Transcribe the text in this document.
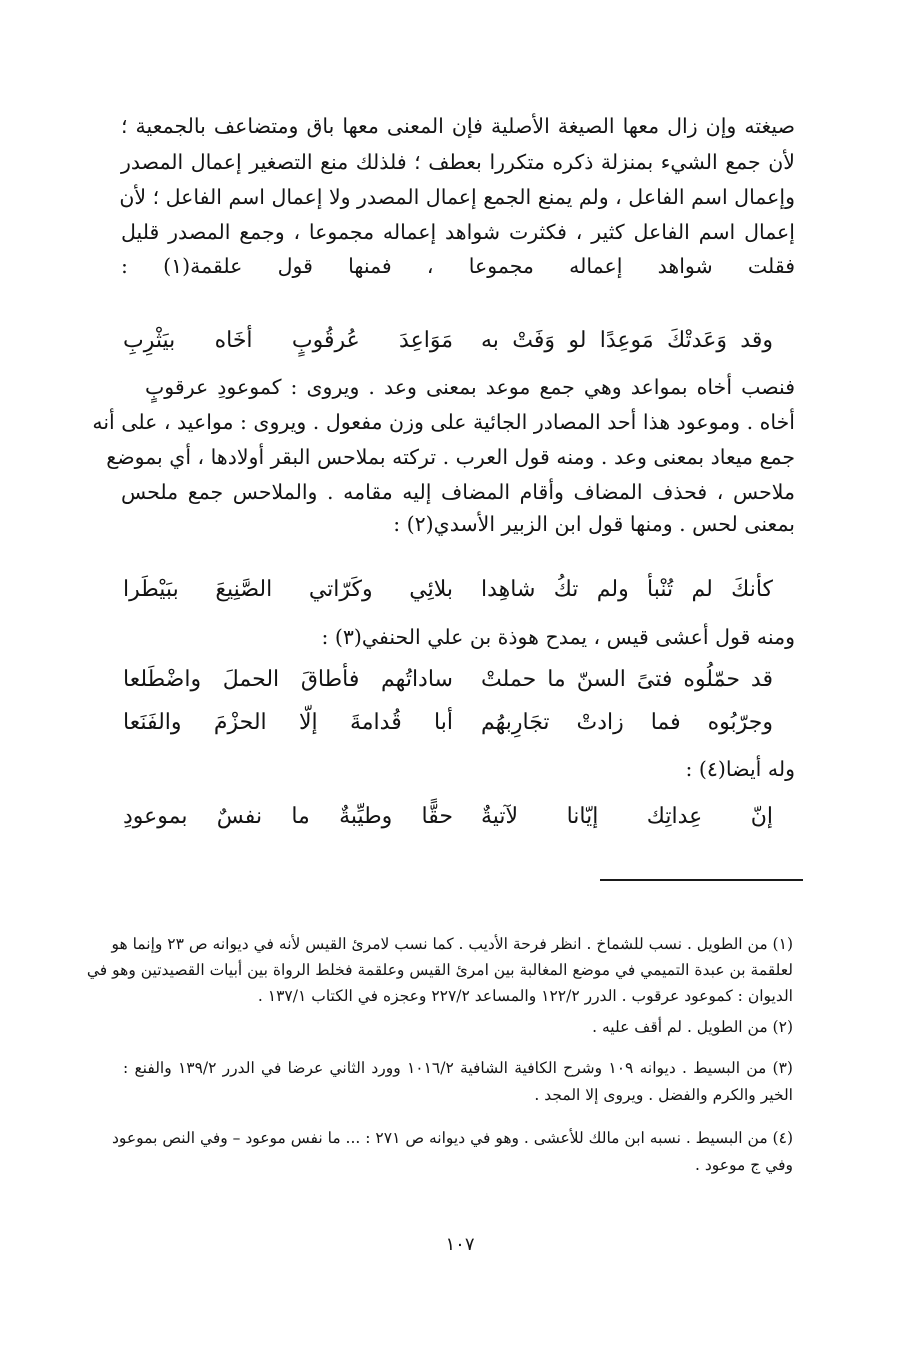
صيغته وإن زال معها الصيغة الأصلية فإن المعنى معها باق ومتضاعف بالجمعية ؛
لأن جمع الشيء بمنزلة ذكره متكررا بعطف ؛ فلذلك منع التصغير إعمال المصدر
وإعمال اسم الفاعل ، ولم يمنع الجمع إعمال المصدر ولا إعمال اسم الفاعل ؛ لأن
إعمال اسم الفاعل كثير ، فكثرت شواهد إعماله مجموعا ، وجمع المصدر قليل
فقلت شواهد إعماله مجموعا ، فمنها قول علقمة(١) :
وقد وَعَدتْكَ مَوعِدًا لو وَفَتْ به
مَوَاعِدَ عُرقُوبٍ أخَاه بيَثْرِبِ
فنصب أخاه بمواعد وهي جمع موعد بمعنى وعد . ويروى : كموعودِ عرقوبٍ
أخاه . وموعود هذا أحد المصادر الجائية على وزن مفعول . ويروى : مواعيد ، على أنه
جمع ميعاد بمعنى وعد . ومنه قول العرب . تركته بملاحس البقر أولادها ، أي بموضع
ملاحس ، فحذف المضاف وأقام المضاف إليه مقامه . والملاحس جمع ملحس
بمعنى لحس . ومنها قول ابن الزبير الأسدي(٢) :
كأنكَ لم تُنْبأ ولم تكُ شاهِدا
بلائِي وكَرّاتي الصَّنِيعَ ببَيْطَرا
ومنه قول أعشى قيس ، يمدح هوذة بن علي الحنفي(٣) :
قد حمّلُوه فتىً السنّ ما حملتْ
ساداتُهم فأطاقَ الحملَ واضْطَلعا
وجرّبُوه فما زادتْ تجَارِبهُم
أبا قُدامةَ إلّا الحزْمَ والفَنَعا
وله أيضا(٤) :
إنّ عِداتِك إيّانا لآتيةٌ
حقًّا وطيِّبةٌ ما نفسٌ بموعودِ
(١) من الطويل . نسب للشماخ . انظر فرحة الأديب . كما نسب لامرئ القيس لأنه في ديوانه ص ٢٣ وإنما هو
لعلقمة بن عبدة التميمي في موضع المغالبة بين امرئ القيس وعلقمة فخلط الرواة بين أبيات القصيدتين وهو في
الديوان : كموعود عرقوب . الدرر ١٢٢/٢ والمساعد ٢٢٧/٢ وعجزه في الكتاب ١٣٧/١ .
(٢) من الطويل . لم أقف عليه .
(٣) من البسيط . ديوانه ١٠٩ وشرح الكافية الشافية ١٠١٦/٢ وورد الثاني عرضا في الدرر ١٣٩/٢ والفنع :
الخير والكرم والفضل . ويروى إلا المجد .
(٤) من البسيط . نسبه ابن مالك للأعشى . وهو في ديوانه ص ٢٧١ : ... ما نفس موعود – وفي النص بموعود
وفي ج موعود .
١٠٧
